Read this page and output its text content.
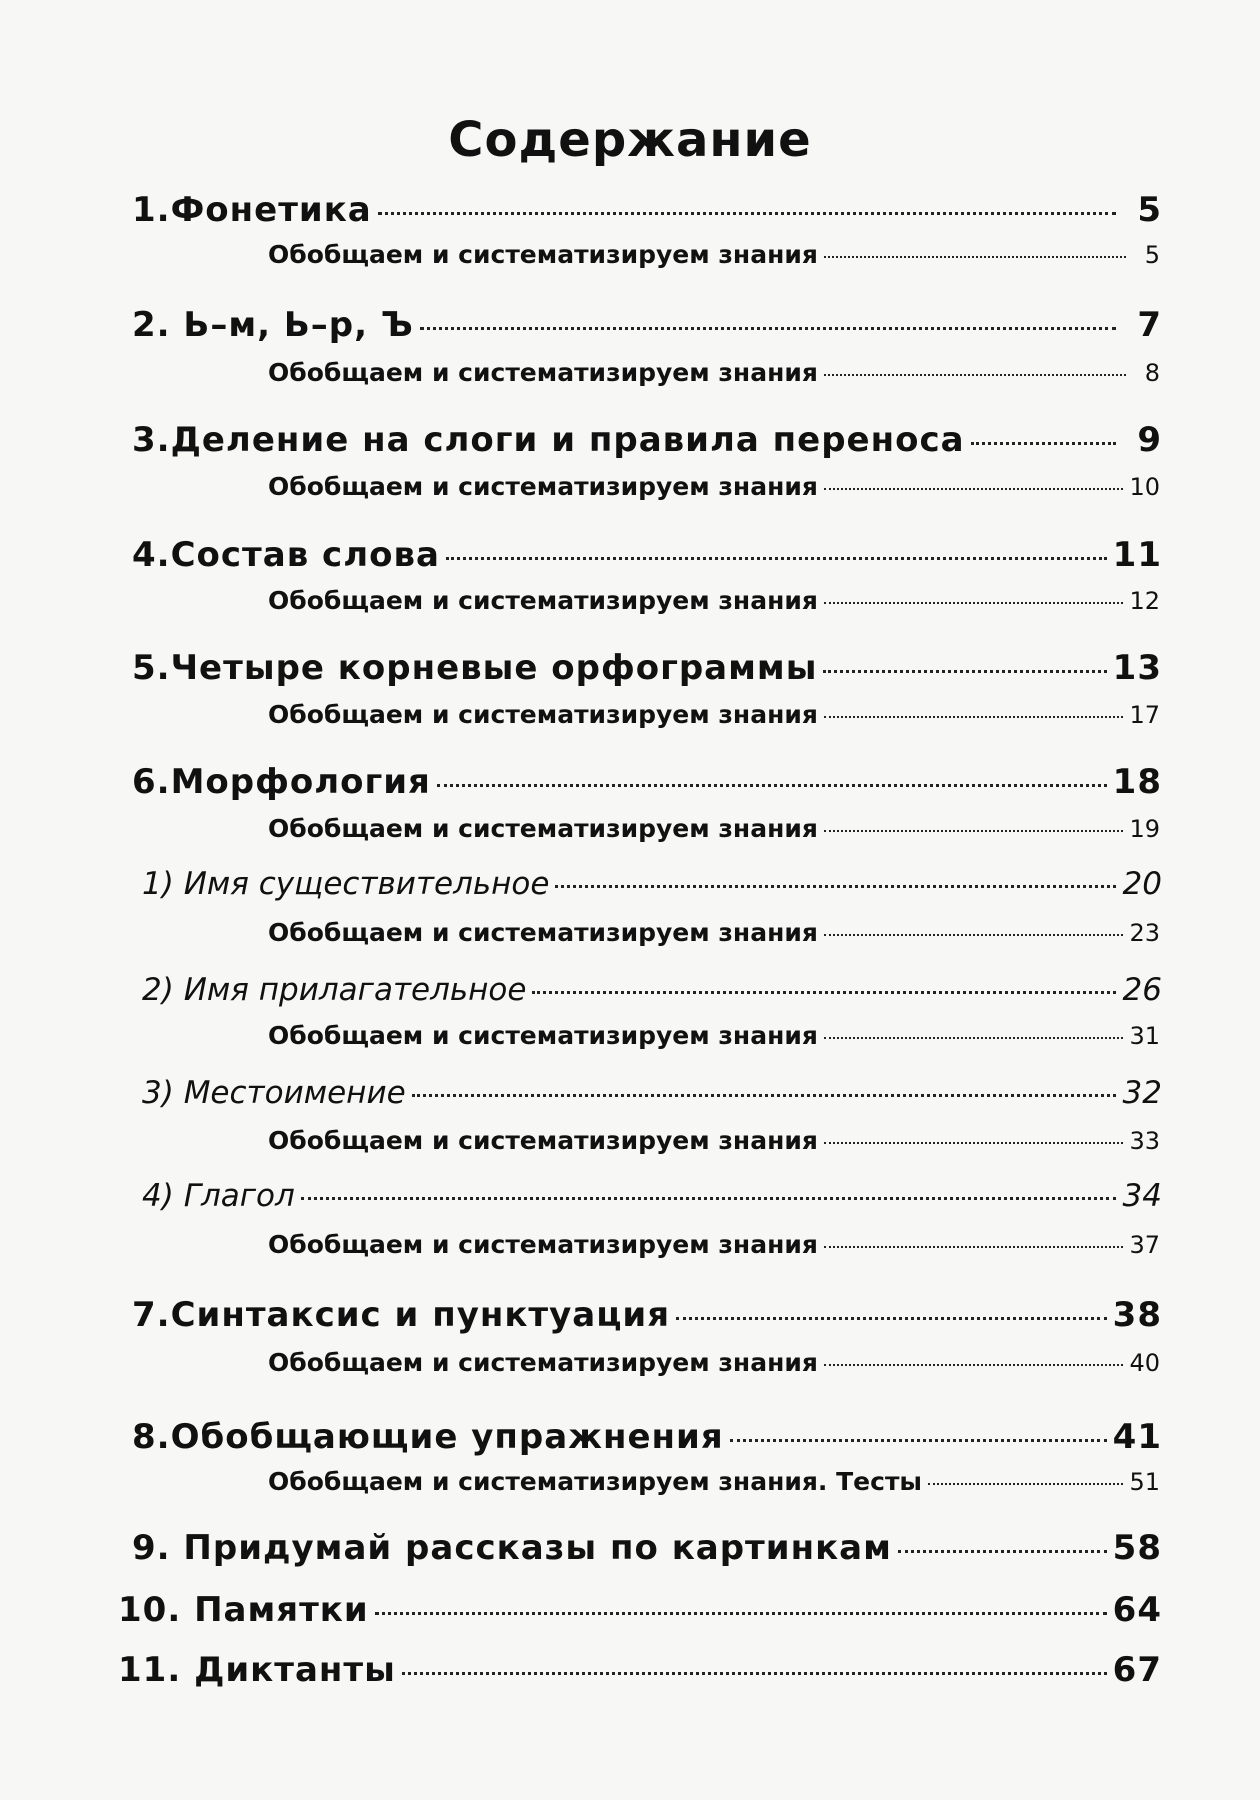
Содержание
1.Фонетика	5
Обобщаем и систематизируем знания	5
2. Ь–м, Ь–р, Ъ	7
Обобщаем и систематизируем знания	8
3.Деление на слоги и правила переноса	9
Обобщаем и систематизируем знания	10
4.Состав слова	11
Обобщаем и систематизируем знания	12
5.Четыре корневые орфограммы	13
Обобщаем и систематизируем знания	17
6.Морфология	18
Обобщаем и систематизируем знания	19
1) Имя существительное	20
Обобщаем и систематизируем знания	23
2) Имя прилагательное	26
Обобщаем и систематизируем знания	31
3) Местоимение	32
Обобщаем и систематизируем знания	33
4) Глагол	34
Обобщаем и систематизируем знания	37
7.Синтаксис и пунктуация	38
Обобщаем и систематизируем знания	40
8.Обобщающие упражнения	41
Обобщаем и систематизируем знания. Тесты	51
9. Придумай рассказы по картинкам	58
10. Памятки	64
11. Диктанты	67
